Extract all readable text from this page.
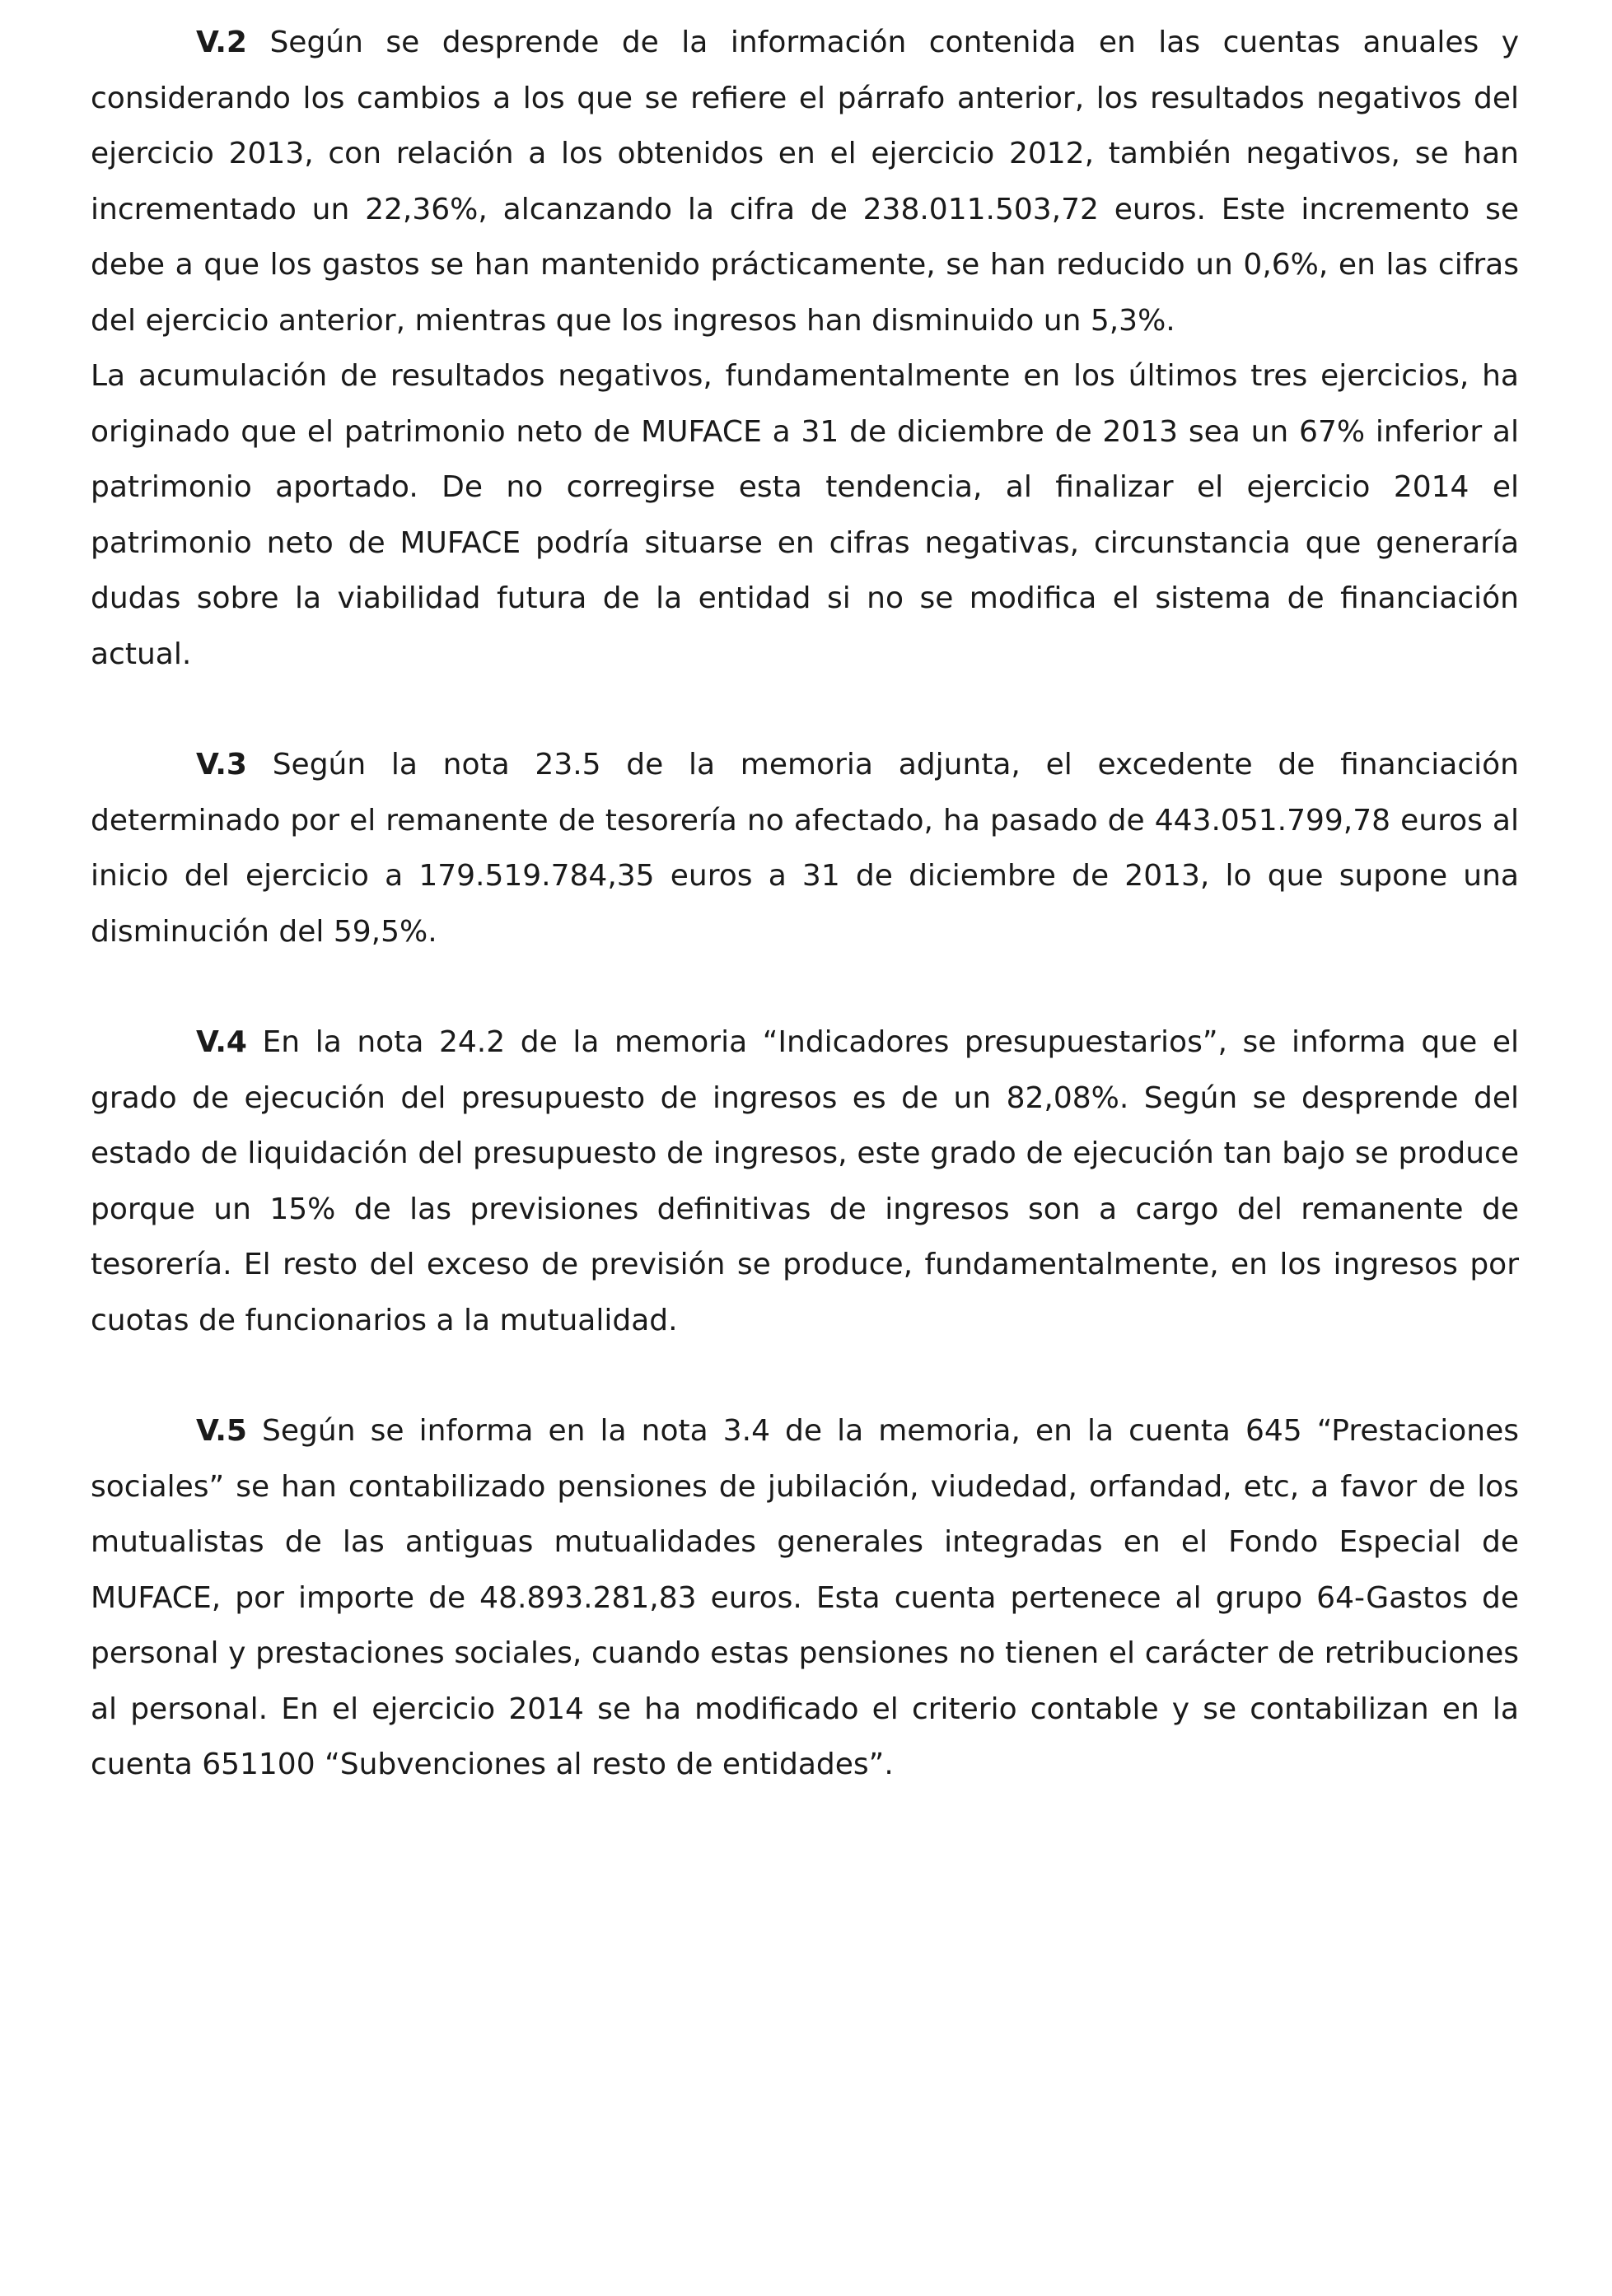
V.2 Según se desprende de la información contenida en las cuentas anuales y considerando los cambios a los que se refiere el párrafo anterior, los resultados negativos del ejercicio 2013, con relación a los obtenidos en el ejercicio 2012, también negativos, se han incrementado un 22,36%, alcanzando la cifra de 238.011.503,72 euros. Este incremento se debe a que los gastos se han mantenido prácticamente, se han reducido un 0,6%, en las cifras del ejercicio anterior, mientras que los ingresos han disminuido un 5,3%.

La acumulación de resultados negativos, fundamentalmente en los últimos tres ejercicios, ha originado que el patrimonio neto de MUFACE a 31 de diciembre de 2013 sea un 67% inferior al patrimonio aportado. De no corregirse esta tendencia, al finalizar el ejercicio 2014 el patrimonio neto de MUFACE podría situarse en cifras negativas, circunstancia que generaría dudas sobre la viabilidad futura de la entidad si no se modifica el sistema de financiación actual.

V.3 Según la nota 23.5 de la memoria adjunta, el excedente de financiación determinado por el remanente de tesorería no afectado, ha pasado de 443.051.799,78 euros al inicio del ejercicio a 179.519.784,35 euros a 31 de diciembre de 2013, lo que supone una disminución del 59,5%.

V.4 En la nota 24.2 de la memoria “Indicadores presupuestarios”, se informa que el grado de ejecución del presupuesto de ingresos es de un 82,08%. Según se desprende del estado de liquidación del presupuesto de ingresos, este grado de ejecución tan bajo se produce porque un 15% de las previsiones definitivas de ingresos son a cargo del remanente de tesorería. El resto del exceso de previsión se produce, fundamentalmente, en los ingresos por cuotas de funcionarios a la mutualidad.

V.5 Según se informa en la nota 3.4 de la memoria, en la cuenta 645 “Prestaciones sociales” se han contabilizado pensiones de jubilación, viudedad, orfandad, etc, a favor de los mutualistas de las antiguas mutualidades generales integradas en el Fondo Especial de MUFACE, por importe de 48.893.281,83 euros. Esta cuenta pertenece al grupo 64-Gastos de personal y prestaciones sociales, cuando estas pensiones no tienen el carácter de retribuciones al personal. En el ejercicio 2014 se ha modificado el criterio contable y se contabilizan en la cuenta 651100 “Subvenciones al resto de entidades”.
